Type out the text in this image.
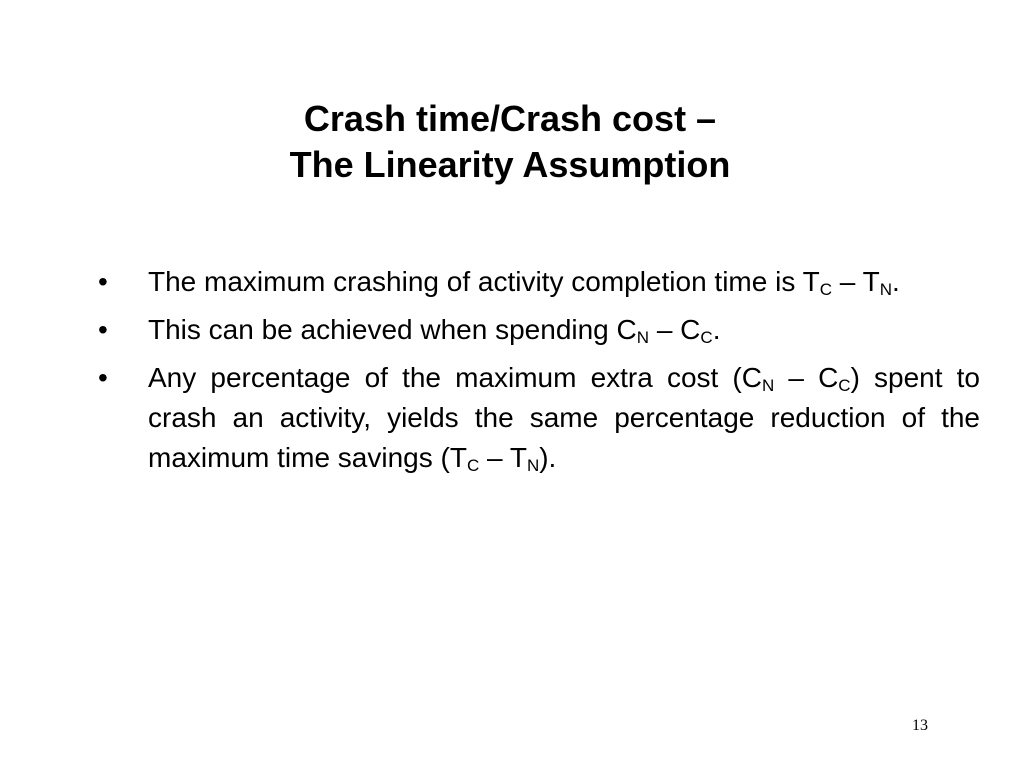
Crash time/Crash cost –
The Linearity Assumption
•	The maximum crashing of activity completion time is $T_C - T_N$.
•	This can be achieved when spending $C_N - C_C$.
•	Any percentage of the maximum extra cost $(C_N - C_C)$ spent to crash an activity, yields the same percentage reduction of the maximum time savings $(T_C - T_N)$.
13
